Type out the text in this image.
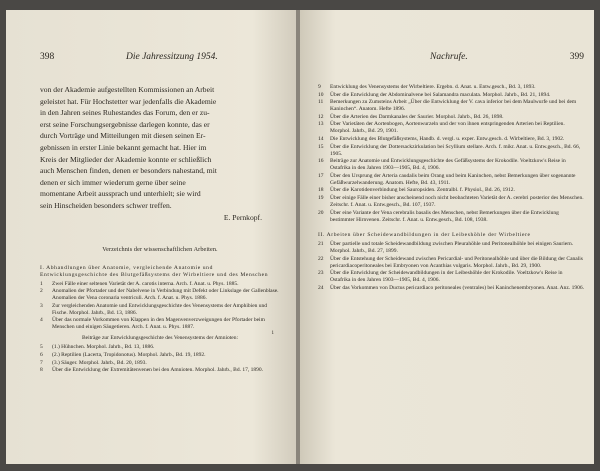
398	Die Jahressitzung 1954.

von der Akademie aufgestellten Kommissionen an Arbeit
geleistet hat. Für Hochstetter war jedenfalls die Akademie
in den Jahren seines Ruhestandes das Forum, den er zu-
erst seine Forschungsergebnisse darlegen konnte, das er
durch Vorträge und Mitteilungen mit diesen seinen Er-
gebnissen in erster Linie bekannt gemacht hat. Hier im
Kreis der Mitglieder der Akademie konnte er schließlich
auch Menschen finden, denen er besonders nahestand, mit
denen er sich immer wiederum gerne über seine
momentane Arbeit aussprach und unterhielt; sie wird
sein Hinscheiden besonders schwer treffen.

E. Pernkopf.
Verzeichnis der wissenschaftlichen Arbeiten.
I. Abhandlungen über Anatomie, vergleichende Anatomie und Entwicklungsgeschichte des Blutgefäßsystems der Wirbeltiere und des Menschen
1	Zwei Fälle einer seltenen Varietät der A. carotis interna. Arch. f. Anat. u. Phys. 1885.
2	Anomalien der Pfortader und der Nabelvene in Verbindung mit Defekt oder Linkslage der Gallenblase. Anomalien der Vena coronaria ventriculi. Arch. f. Anat. u. Phys. 1886.
3	Zur vergleichenden Anatomie und Entwicklungsgeschichte des Venensystems der Amphibien und Fische. Morphol. Jahrb., Bd. 13, 1886.
4	Über das normale Vorkommen von Klappen in den Magenvenverzweigungen der Pfortader beim Menschen und einigen Säugetieren. Arch. f. Anat. u. Phys. 1887.
1
Beiträge zur Entwicklungsgeschichte des Venensystems der Amnioten:
5	(1.) Hühnchen. Morphol. Jahrb., Bd. 13, 1886.
6	(2.) Reptilien (Lacerta, Tropidonotus). Morphol. Jahrb., Bd. 19, 1892.
7	(3.) Säuger. Morphol. Jahrb., Bd. 20, 1893.
8	Über die Entwicklung der Extremitätenvenen bei den Amnioten. Morphol. Jahrb., Bd. 17, 1890.
Nachrufe.	399
9	Entwicklung des Venensystems der Wirbeltiere. Ergebn. d. Anat. u. Entw.gesch., Bd. 3, 1893.
10	Über die Entwicklung der Abdominalvene bei Salamandra maculata. Morphol. Jahrb., Bd. 21, 1894.
11	Bemerkungen zu Zumsteins Arbeit „Über die Entwicklung der V. cava inferior bei dem Maulwurfe und bei dem Kaninchen“. Anatom. Hefte 1896.
12	Über die Arterien des Darmkanales der Saurier. Morphol. Jahrb., Bd. 26, 1898.
13	Über Varietäten der Aortenbogen, Aortenwurzeln und der von ihnen entspringenden Arterien bei Reptilien. Morphol. Jahrb., Bd. 29, 1901.
14	Die Entwicklung des Blutgefäßsystems, Handb. d. vergl. u. exper. Entw.gesch. d. Wirbeltiere, Bd. 3, 1902.
15	Über die Entwicklung der Dottersackzirkulation bei Scyllium stellare. Arch. f. mikr. Anat. u. Entw.gesch., Bd. 66, 1905.
16	Beiträge zur Anatomie und Entwicklungsgeschichte des Gefäßsystems der Krokodile. Voeltzkow's Reise in Ostafrika in den Jahren 1903—1905, Bd. 4, 1906.
17	Über den Ursprung der Arteria caudalis beim Orang und beim Kaninchen, nebst Bemerkungen über sogenannte Gefäßwurzelwanderung. Anatom. Hefte, Bd. 43, 1911.
18	Über die Karotidenverbindung bei Sauropsiden. Zentralbl. f. Physiol., Bd. 26, 1912.
19	Über einige Fälle einer bisher anscheinend noch nicht beobachteten Varietät der A. cerebri posterior des Menschen. Zeitschr. f. Anat. u. Entw.gesch., Bd. 107, 1937.
20	Über eine Variante der Vena cerebralis basalis des Menschen, nebst Bemerkungen über die Entwicklung bestimmter Hirnvenen. Zeitschr. f. Anat. u. Entw.gesch., Bd. 108, 1938.
II. Arbeiten über Scheidewandbildungen in der Leibeshöhle der Wirbeltiere
21	Über partielle und totale Scheidewandbildung zwischen Pleurahöhle und Peritonealhöhle bei einigen Sauriern. Morphol. Jahrb., Bd. 27, 1899.
22	Über die Entstehung der Scheidewand zwischen Pericardial- und Peritonealhöhle und über die Bildung der Canalis pericardiacoperitoneales bei Embryonen von Acanthias vulgaris. Morphol. Jahrb., Bd. 29, 1900.
23	Über die Entwicklung der Scheidewandbildungen in der Leibeshöhle der Krokodile. Voeltzkow's Reise in Ostafrika in den Jahren 1903—1905, Bd. 4, 1906.
24	Über das Vorkommen von Ductus pericardiaco peritoneales (ventrales) bei Kaninchenembryonen. Anat. Anz. 1906.
